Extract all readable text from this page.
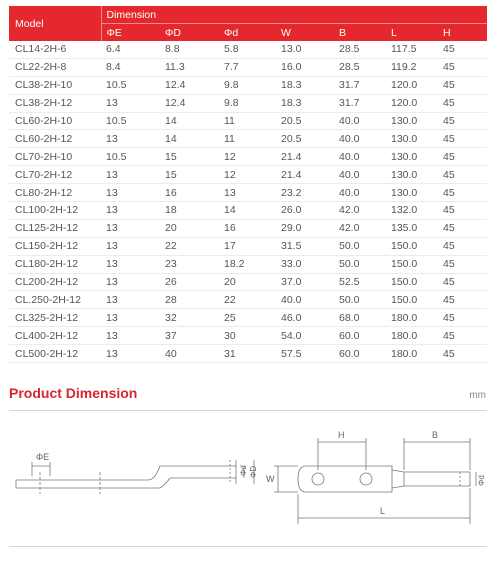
Model	Dimension						
	ΦE	ΦD	Φd	W	B	L	H
CL14-2H-6	6.4	8.8	5.8	13.0	28.5	117.5	45
CL22-2H-8	8.4	11.3	7.7	16.0	28.5	119.2	45
CL38-2H-10	10.5	12.4	9.8	18.3	31.7	120.0	45
CL38-2H-12	13	12.4	9.8	18.3	31.7	120.0	45
CL60-2H-10	10.5	14	11	20.5	40.0	130.0	45
CL60-2H-12	13	14	11	20.5	40.0	130.0	45
CL70-2H-10	10.5	15	12	21.4	40.0	130.0	45
CL70-2H-12	13	15	12	21.4	40.0	130.0	45
CL80-2H-12	13	16	13	23.2	40.0	130.0	45
CL100-2H-12	13	18	14	26.0	42.0	132.0	45
CL125-2H-12	13	20	16	29.0	42.0	135.0	45
CL150-2H-12	13	22	17	31.5	50.0	150.0	45
CL180-2H-12	13	23	18.2	33.0	50.0	150.0	45
CL200-2H-12	13	26	20	37.0	52.5	150.0	45
CL.250-2H-12	13	28	22	40.0	50.0	150.0	45
CL325-2H-12	13	32	25	46.0	68.0	180.0	45
CL400-2H-12	13	37	30	54.0	60.0	180.0	45
CL500-2H-12	13	40	31	57.5	60.0	180.0	45
Product Dimension	mm
ΦE
Φd ΦD
H	B
W
L
Φd
